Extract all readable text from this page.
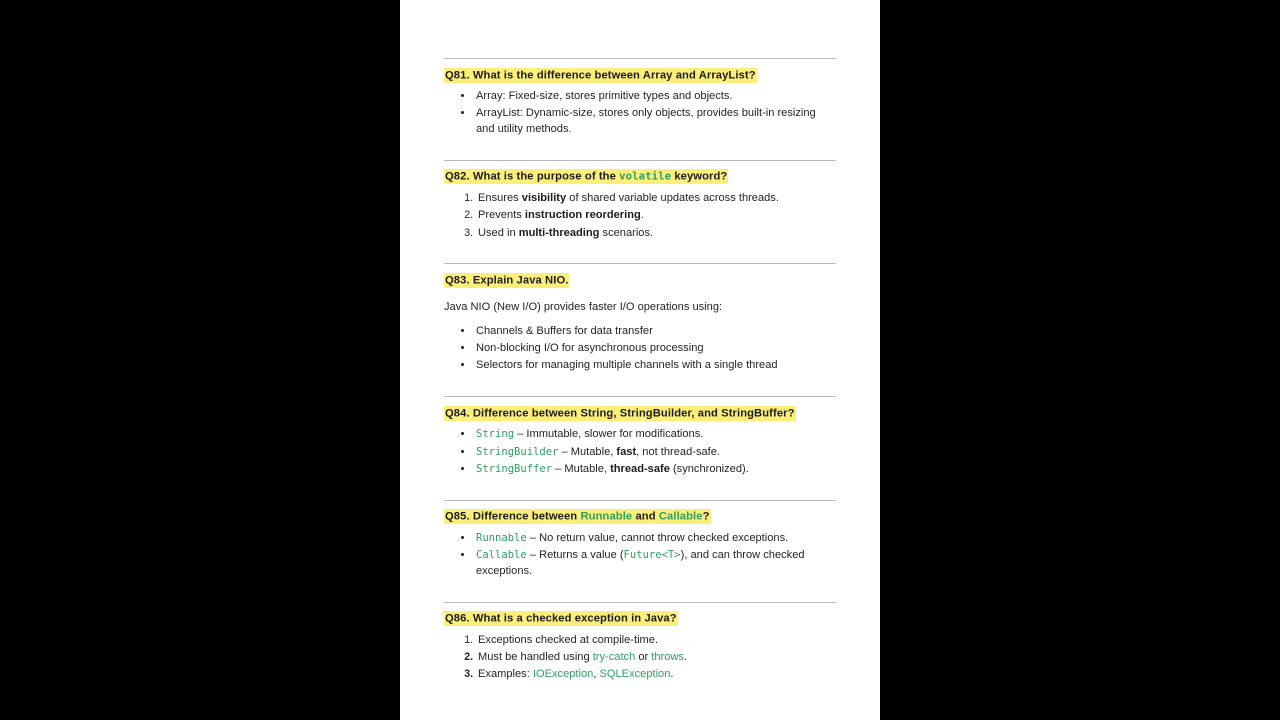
Q81. What is the difference between Array and ArrayList?
• Array: Fixed-size, stores primitive types and objects.
• ArrayList: Dynamic-size, stores only objects, provides built-in resizing and utility methods.
Q82. What is the purpose of the volatile keyword?
1. Ensures visibility of shared variable updates across threads.
2. Prevents instruction reordering.
3. Used in multi-threading scenarios.
Q83. Explain Java NIO.

Java NIO (New I/O) provides faster I/O operations using:

• Channels & Buffers for data transfer
• Non-blocking I/O for asynchronous processing
• Selectors for managing multiple channels with a single thread
Q84. Difference between String, StringBuilder, and StringBuffer?
• String – Immutable, slower for modifications.
• StringBuilder – Mutable, fast, not thread-safe.
• StringBuffer – Mutable, thread-safe (synchronized).
Q85. Difference between Runnable and Callable?
• Runnable – No return value, cannot throw checked exceptions.
• Callable – Returns a value (Future<T>), and can throw checked exceptions.
Q86. What is a checked exception in Java?
1. Exceptions checked at compile-time.
2. Must be handled using try-catch or throws.
3. Examples: IOException, SQLException.
